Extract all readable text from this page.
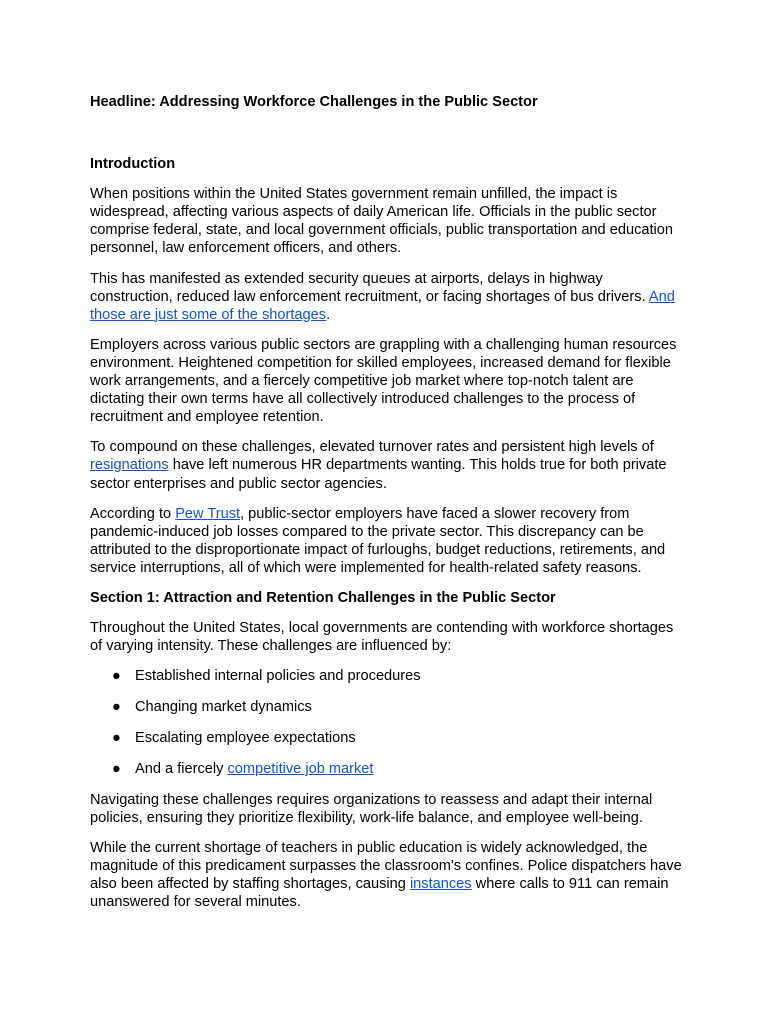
Headline: Addressing Workforce Challenges in the Public Sector
Introduction

When positions within the United States government remain unfilled, the impact is widespread, affecting various aspects of daily American life. Officials in the public sector comprise federal, state, and local government officials, public transportation and education personnel, law enforcement officers, and others.

This has manifested as extended security queues at airports, delays in highway construction, reduced law enforcement recruitment, or facing shortages of bus drivers. And those are just some of the shortages.

Employers across various public sectors are grappling with a challenging human resources environment. Heightened competition for skilled employees, increased demand for flexible work arrangements, and a fiercely competitive job market where top-notch talent are dictating their own terms have all collectively introduced challenges to the process of recruitment and employee retention.

To compound on these challenges, elevated turnover rates and persistent high levels of resignations have left numerous HR departments wanting. This holds true for both private sector enterprises and public sector agencies.

According to Pew Trust, public-sector employers have faced a slower recovery from pandemic-induced job losses compared to the private sector. This discrepancy can be attributed to the disproportionate impact of furloughs, budget reductions, retirements, and service interruptions, all of which were implemented for health-related safety reasons.

Section 1: Attraction and Retention Challenges in the Public Sector

Throughout the United States, local governments are contending with workforce shortages of varying intensity. These challenges are influenced by:

● Established internal policies and procedures
● Changing market dynamics
● Escalating employee expectations
● And a fiercely competitive job market

Navigating these challenges requires organizations to reassess and adapt their internal policies, ensuring they prioritize flexibility, work-life balance, and employee well-being.

While the current shortage of teachers in public education is widely acknowledged, the magnitude of this predicament surpasses the classroom's confines. Police dispatchers have also been affected by staffing shortages, causing instances where calls to 911 can remain unanswered for several minutes.
